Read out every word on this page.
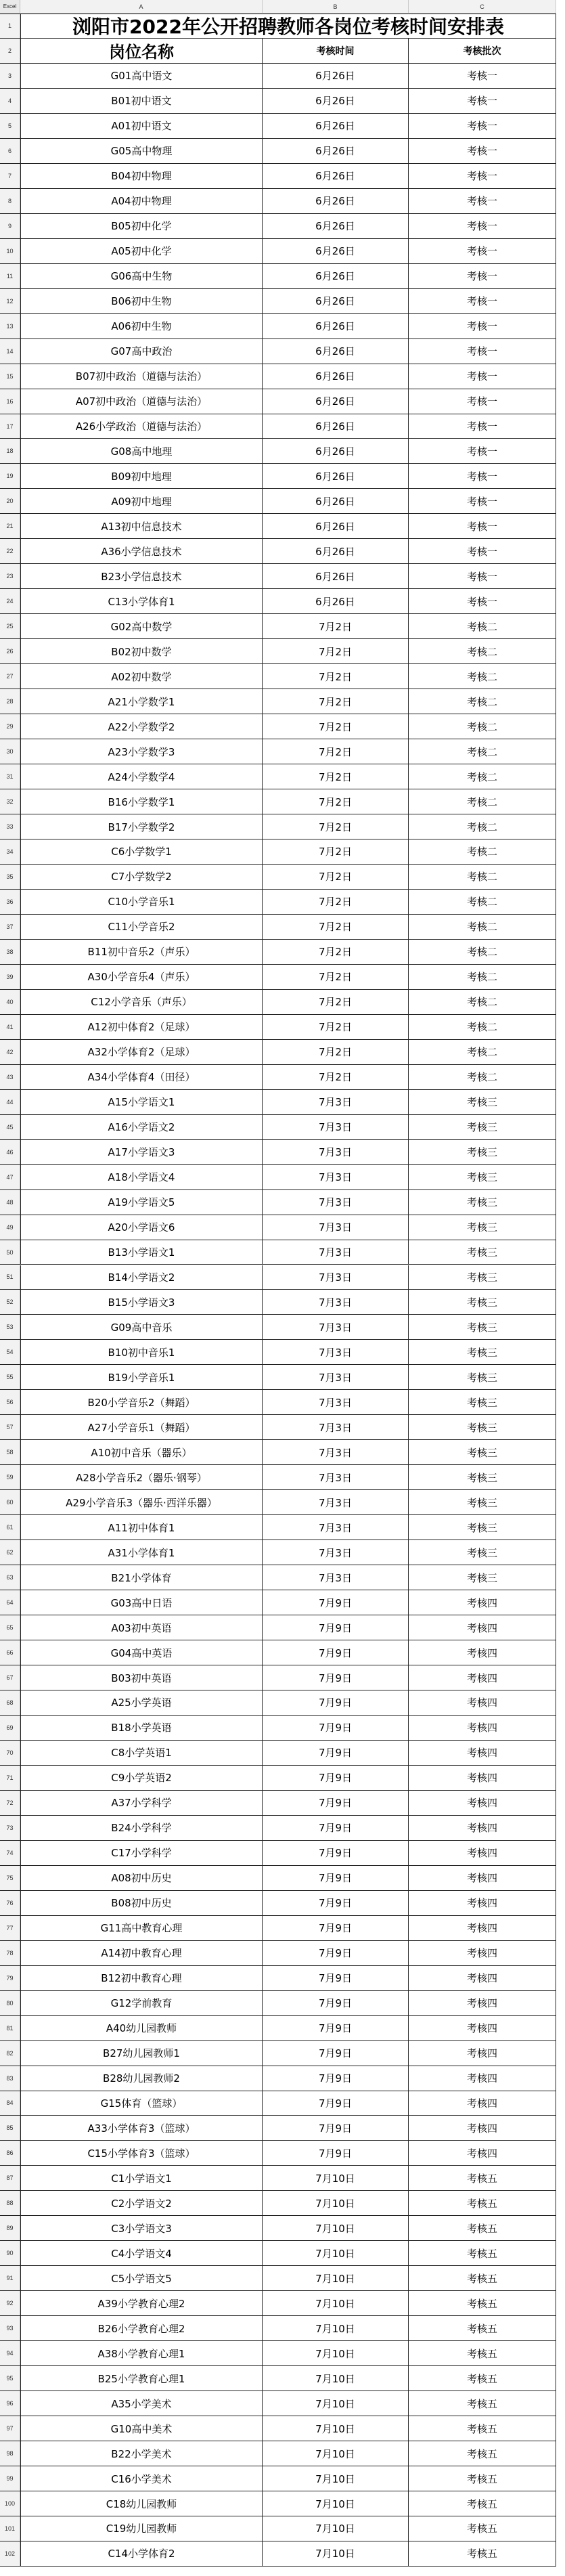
Excel	A	B	C
1	浏阳市2022年公开招聘教师各岗位考核时间安排表
2	岗位名称	考核时间	考核批次
3	G01高中语文	6月26日	考核一
4	B01初中语文	6月26日	考核一
5	A01初中语文	6月26日	考核一
6	G05高中物理	6月26日	考核一
7	B04初中物理	6月26日	考核一
8	A04初中物理	6月26日	考核一
9	B05初中化学	6月26日	考核一
10	A05初中化学	6月26日	考核一
11	G06高中生物	6月26日	考核一
12	B06初中生物	6月26日	考核一
13	A06初中生物	6月26日	考核一
14	G07高中政治	6月26日	考核一
15	B07初中政治（道德与法治）	6月26日	考核一
16	A07初中政治（道德与法治）	6月26日	考核一
17	A26小学政治（道德与法治）	6月26日	考核一
18	G08高中地理	6月26日	考核一
19	B09初中地理	6月26日	考核一
20	A09初中地理	6月26日	考核一
21	A13初中信息技术	6月26日	考核一
22	A36小学信息技术	6月26日	考核一
23	B23小学信息技术	6月26日	考核一
24	C13小学体育1	6月26日	考核一
25	G02高中数学	7月2日	考核二
26	B02初中数学	7月2日	考核二
27	A02初中数学	7月2日	考核二
28	A21小学数学1	7月2日	考核二
29	A22小学数学2	7月2日	考核二
30	A23小学数学3	7月2日	考核二
31	A24小学数学4	7月2日	考核二
32	B16小学数学1	7月2日	考核二
33	B17小学数学2	7月2日	考核二
34	C6小学数学1	7月2日	考核二
35	C7小学数学2	7月2日	考核二
36	C10小学音乐1	7月2日	考核二
37	C11小学音乐2	7月2日	考核二
38	B11初中音乐2（声乐）	7月2日	考核二
39	A30小学音乐4（声乐）	7月2日	考核二
40	C12小学音乐（声乐）	7月2日	考核二
41	A12初中体育2（足球）	7月2日	考核二
42	A32小学体育2（足球）	7月2日	考核二
43	A34小学体育4（田径）	7月2日	考核二
44	A15小学语文1	7月3日	考核三
45	A16小学语文2	7月3日	考核三
46	A17小学语文3	7月3日	考核三
47	A18小学语文4	7月3日	考核三
48	A19小学语文5	7月3日	考核三
49	A20小学语文6	7月3日	考核三
50	B13小学语文1	7月3日	考核三
51	B14小学语文2	7月3日	考核三
52	B15小学语文3	7月3日	考核三
53	G09高中音乐	7月3日	考核三
54	B10初中音乐1	7月3日	考核三
55	B19小学音乐1	7月3日	考核三
56	B20小学音乐2（舞蹈）	7月3日	考核三
57	A27小学音乐1（舞蹈）	7月3日	考核三
58	A10初中音乐（器乐）	7月3日	考核三
59	A28小学音乐2（器乐·钢琴）	7月3日	考核三
60	A29小学音乐3（器乐·西洋乐器）	7月3日	考核三
61	A11初中体育1	7月3日	考核三
62	A31小学体育1	7月3日	考核三
63	B21小学体育	7月3日	考核三
64	G03高中日语	7月9日	考核四
65	A03初中英语	7月9日	考核四
66	G04高中英语	7月9日	考核四
67	B03初中英语	7月9日	考核四
68	A25小学英语	7月9日	考核四
69	B18小学英语	7月9日	考核四
70	C8小学英语1	7月9日	考核四
71	C9小学英语2	7月9日	考核四
72	A37小学科学	7月9日	考核四
73	B24小学科学	7月9日	考核四
74	C17小学科学	7月9日	考核四
75	A08初中历史	7月9日	考核四
76	B08初中历史	7月9日	考核四
77	G11高中教育心理	7月9日	考核四
78	A14初中教育心理	7月9日	考核四
79	B12初中教育心理	7月9日	考核四
80	G12学前教育	7月9日	考核四
81	A40幼儿园教师	7月9日	考核四
82	B27幼儿园教师1	7月9日	考核四
83	B28幼儿园教师2	7月9日	考核四
84	G15体育（篮球）	7月9日	考核四
85	A33小学体育3（篮球）	7月9日	考核四
86	C15小学体育3（篮球）	7月9日	考核四
87	C1小学语文1	7月10日	考核五
88	C2小学语文2	7月10日	考核五
89	C3小学语文3	7月10日	考核五
90	C4小学语文4	7月10日	考核五
91	C5小学语文5	7月10日	考核五
92	A39小学教育心理2	7月10日	考核五
93	B26小学教育心理2	7月10日	考核五
94	A38小学教育心理1	7月10日	考核五
95	B25小学教育心理1	7月10日	考核五
96	A35小学美术	7月10日	考核五
97	G10高中美术	7月10日	考核五
98	B22小学美术	7月10日	考核五
99	C16小学美术	7月10日	考核五
100	C18幼儿园教师	7月10日	考核五
101	C19幼儿园教师	7月10日	考核五
102	C14小学体育2	7月10日	考核五
